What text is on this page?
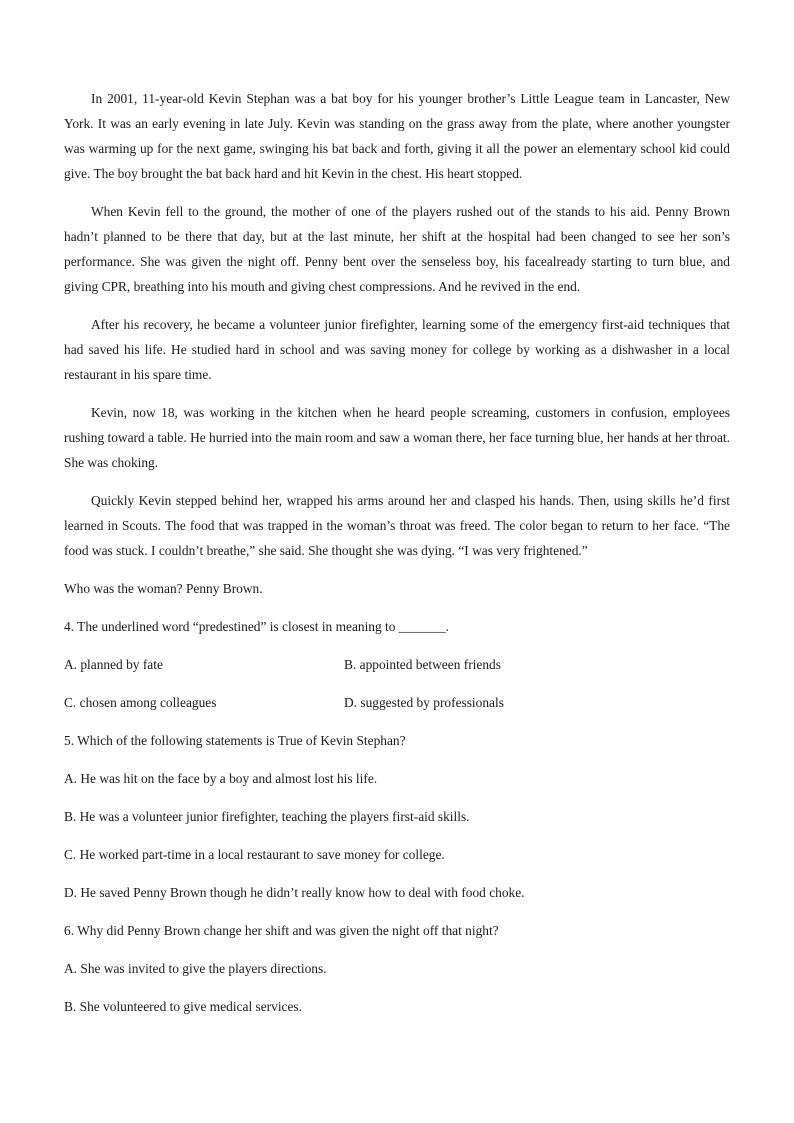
In 2001, 11-year-old Kevin Stephan was a bat boy for his younger brother’s Little League team in Lancaster, New York. It was an early evening in late July. Kevin was standing on the grass away from the plate, where another youngster was warming up for the next game, swinging his bat back and forth, giving it all the power an elementary school kid could give. The boy brought the bat back hard and hit Kevin in the chest. His heart stopped.

When Kevin fell to the ground, the mother of one of the players rushed out of the stands to his aid. Penny Brown hadn’t planned to be there that day, but at the last minute, her shift at the hospital had been changed to see her son’s performance. She was given the night off. Penny bent over the senseless boy, his facealready starting to turn blue, and giving CPR, breathing into his mouth and giving chest compressions. And he revived in the end.

After his recovery, he became a volunteer junior firefighter, learning some of the emergency first-aid techniques that had saved his life. He studied hard in school and was saving money for college by working as a dishwasher in a local restaurant in his spare time.

Kevin, now 18, was working in the kitchen when he heard people screaming, customers in confusion, employees rushing toward a table. He hurried into the main room and saw a woman there, her face turning blue, her hands at her throat. She was choking.

Quickly Kevin stepped behind her, wrapped his arms around her and clasped his hands. Then, using skills he’d first learned in Scouts. The food that was trapped in the woman’s throat was freed. The color began to return to her face. “The food was stuck. I couldn’t breathe,” she said. She thought she was dying. “I was very frightened.”

Who was the woman? Penny Brown.

4. The underlined word “predestined” is closest in meaning to _______.

A. planned by fate	B. appointed between friends
C. chosen among colleagues	D. suggested by professionals

5. Which of the following statements is True of Kevin Stephan?

A. He was hit on the face by a boy and almost lost his life.

B. He was a volunteer junior firefighter, teaching the players first-aid skills.

C. He worked part-time in a local restaurant to save money for college.

D. He saved Penny Brown though he didn’t really know how to deal with food choke.

6. Why did Penny Brown change her shift and was given the night off that night?

A. She was invited to give the players directions.

B. She volunteered to give medical services.
